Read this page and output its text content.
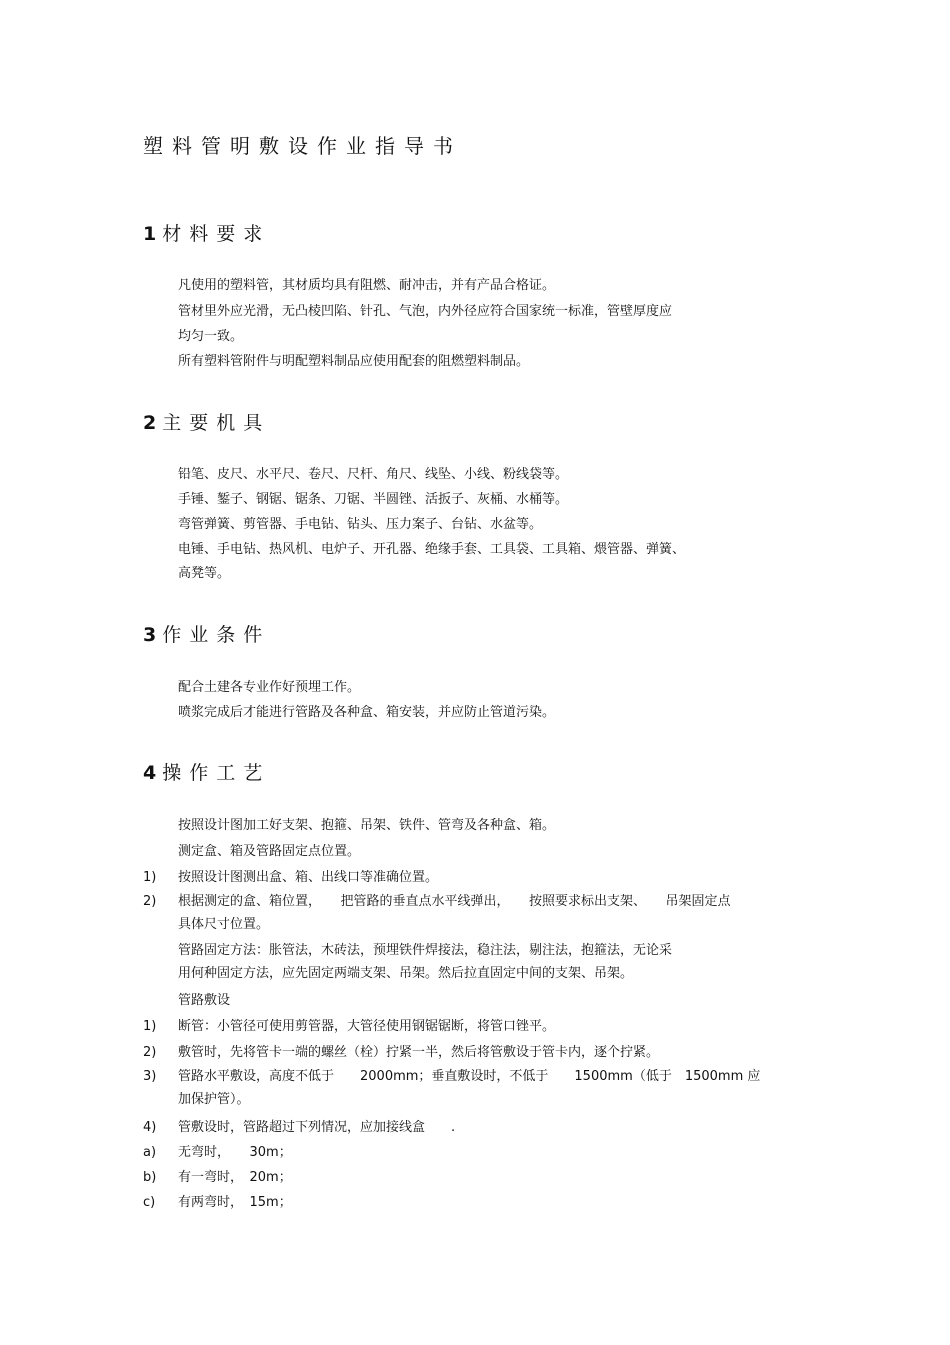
塑料管明敷设作业指导书
1 材料要求

凡使用的塑料管，其材质均具有阻燃、耐冲击，并有产品合格证。

管材里外应光滑，无凸棱凹陷、针孔、气泡，内外径应符合国家统一标准，管壁厚度应

均匀一致。

所有塑料管附件与明配塑料制品应使用配套的阻燃塑料制品。

2 主要机具

铅笔、皮尺、水平尺、卷尺、尺杆、角尺、线坠、小线、粉线袋等。

手锤、錾子、钢锯、锯条、刀锯、半圆锉、活扳子、灰桶、水桶等。

弯管弹簧、剪管器、手电钻、钻头、压力案子、台钻、水盆等。

电锤、手电钻、热风机、电炉子、开孔器、绝缘手套、工具袋、工具箱、煨管器、弹簧、

高凳等。

3 作业条件

配合土建各专业作好预埋工作。

喷浆完成后才能进行管路及各种盒、箱安装，并应防止管道污染。

4 操作工艺

按照设计图加工好支架、抱箍、吊架、铁件、管弯及各种盒、箱。

测定盒、箱及管路固定点位置。

1) 按照设计图测出盒、箱、出线口等准确位置。

2) 根据测定的盒、箱位置，　　把管路的垂直点水平线弹出，　　按照要求标出支架、　　吊架固定点

具体尺寸位置。

管路固定方法：胀管法，木砖法，预埋铁件焊接法，稳注法，剔注法，抱箍法，无论采

用何种固定方法，应先固定两端支架、吊架。然后拉直固定中间的支架、吊架。

管路敷设

1) 断管：小管径可使用剪管器，大管径使用钢锯锯断，将管口锉平。

2) 敷管时，先将管卡一端的螺丝（栓）拧紧一半，然后将管敷设于管卡内，逐个拧紧。

3) 管路水平敷设，高度不低于　　2000mm；垂直敷设时，不低于　　1500mm（低于　1500mm 应

加保护管）。

4) 管敷设时，管路超过下列情况，应加接线盒　　.

a) 无弯时，　　30m；

b) 有一弯时，　20m；

c) 有两弯时，　15m；
